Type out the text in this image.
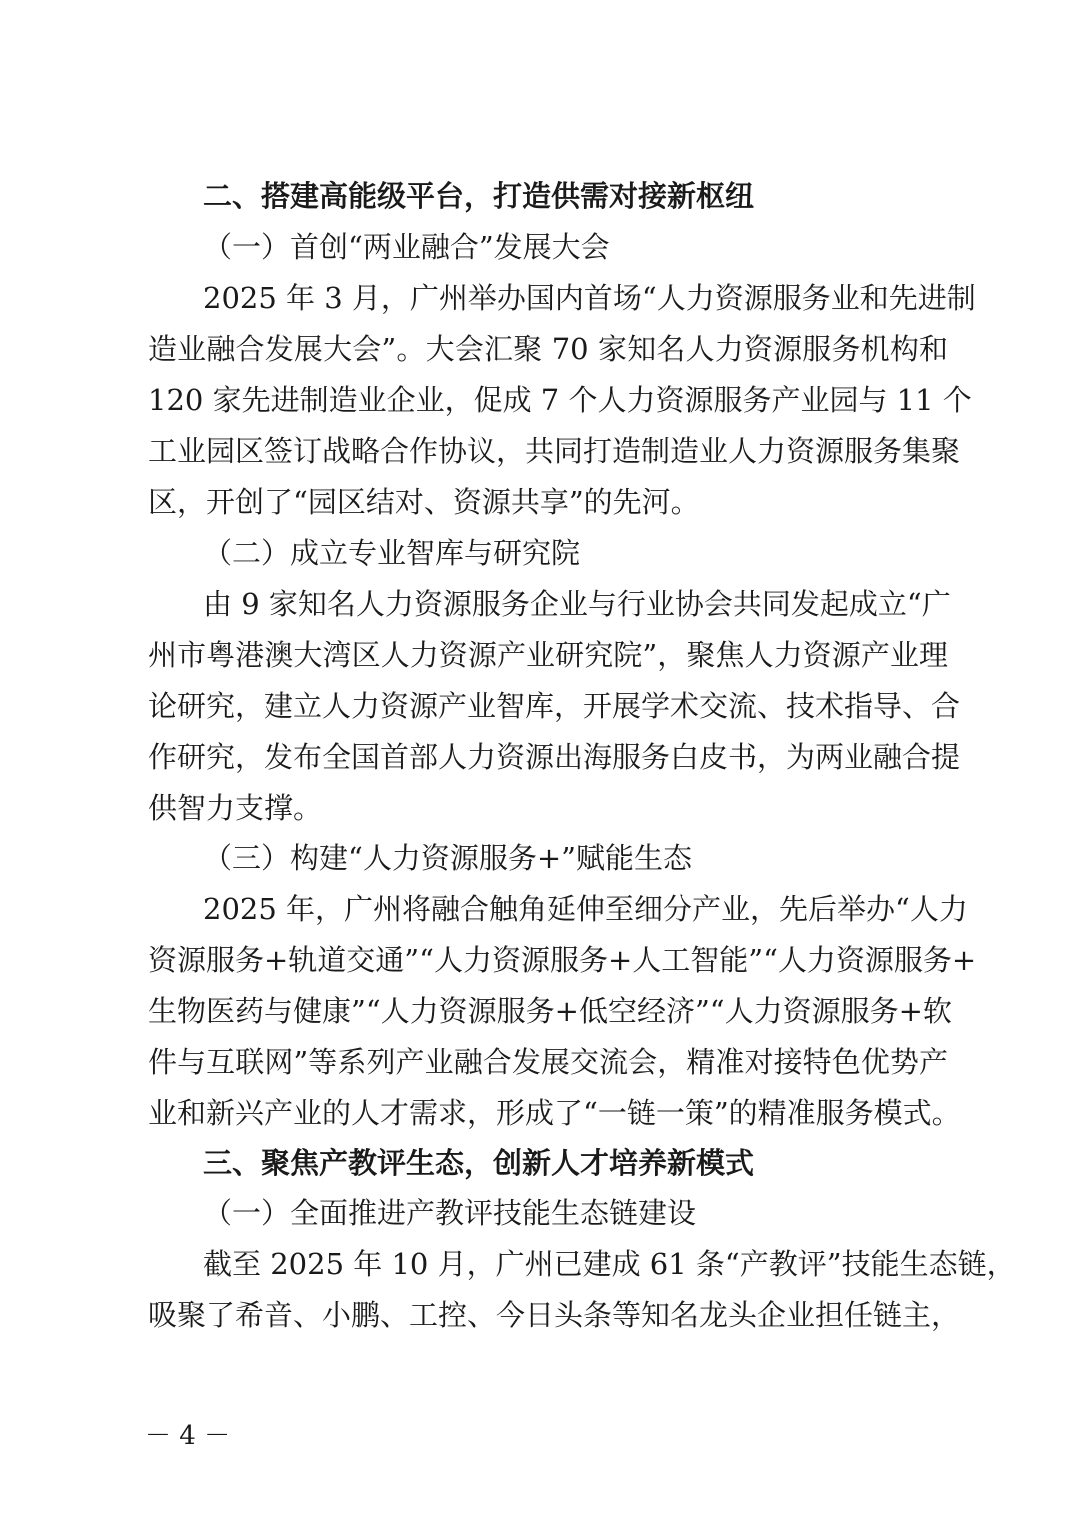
二、搭建高能级平台，打造供需对接新枢纽
（一）首创“两业融合”发展大会
2025 年 3 月，广州举办国内首场“人力资源服务业和先进制
造业融合发展大会”。大会汇聚 70 家知名人力资源服务机构和
120 家先进制造业企业，促成 7 个人力资源服务产业园与 11 个
工业园区签订战略合作协议，共同打造制造业人力资源服务集聚
区，开创了“园区结对、资源共享”的先河。
（二）成立专业智库与研究院
由 9 家知名人力资源服务企业与行业协会共同发起成立“广
州市粤港澳大湾区人力资源产业研究院”，聚焦人力资源产业理
论研究，建立人力资源产业智库，开展学术交流、技术指导、合
作研究，发布全国首部人力资源出海服务白皮书，为两业融合提
供智力支撑。
（三）构建“人力资源服务+”赋能生态
2025 年，广州将融合触角延伸至细分产业，先后举办“人力
资源服务+轨道交通”“人力资源服务+人工智能”“人力资源服务+
生物医药与健康”“人力资源服务+低空经济”“人力资源服务+软
件与互联网”等系列产业融合发展交流会，精准对接特色优势产
业和新兴产业的人才需求，形成了“一链一策”的精准服务模式。
三、聚焦产教评生态，创新人才培养新模式
（一）全面推进产教评技能生态链建设
截至 2025 年 10 月，广州已建成 61 条“产教评”技能生态链，
吸聚了希音、小鹏、工控、今日头条等知名龙头企业担任链主，
－ 4 －
